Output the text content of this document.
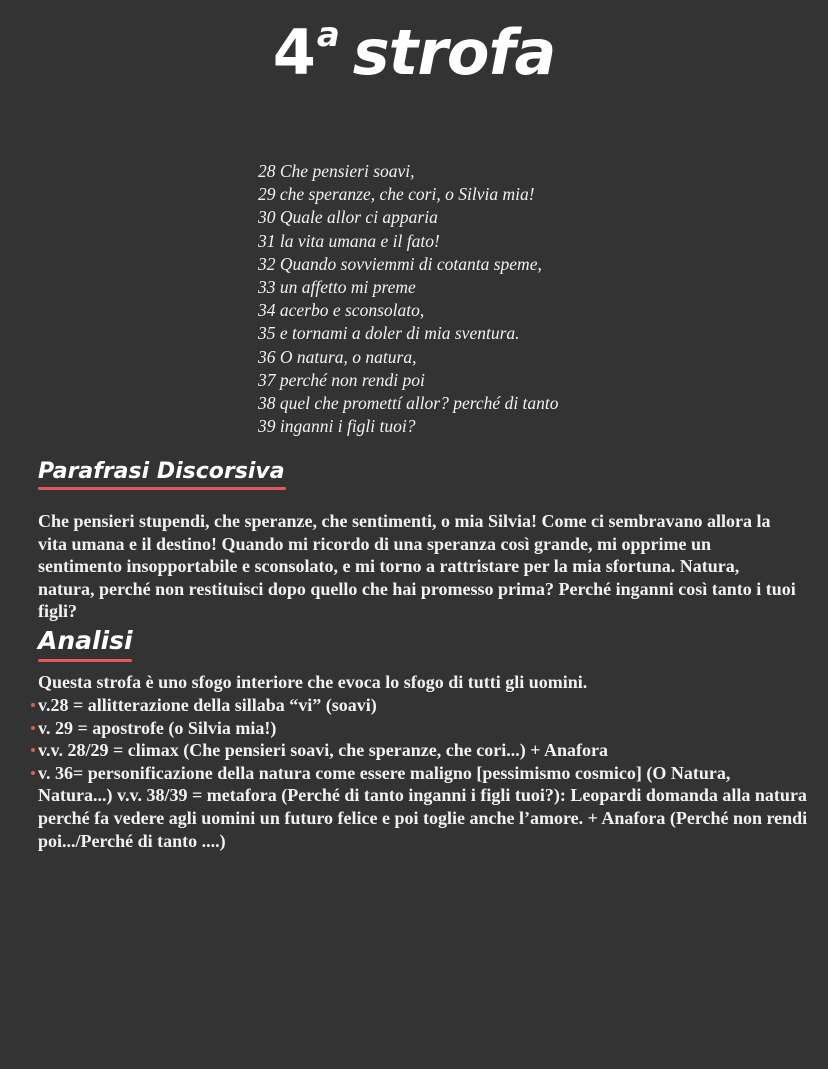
4$^a$ strofa
28 Che pensieri soavi,
29 che speranze, che cori, o Silvia mia!
30 Quale allor ci apparia
31 la vita umana e il fato!
32 Quando sovviemmi di cotanta speme,
33 un affetto mi preme
34 acerbo e sconsolato,
35 e tornami a doler di mia sventura.
36 O natura, o natura,
37 perché non rendi poi
38 quel che promettí allor? perché di tanto
39 inganni i figli tuoi?
Parafrasi Discorsiva

Che pensieri stupendi, che speranze, che sentimenti, o mia Silvia! Come ci sembravano allora la vita umana e il destino! Quando mi ricordo di una speranza così grande, mi opprime un sentimento insopportabile e sconsolato, e mi torno a rattristare per la mia sfortuna. Natura, natura, perché non restituisci dopo quello che hai promesso prima? Perché inganni così tanto i tuoi figli?

Analisi

Questa strofa è uno sfogo interiore che evoca lo sfogo di tutti gli uomini.

v.28 = allitterazione della sillaba “vi” (soavi)
v. 29 = apostrofe (o Silvia mia!)
v.v. 28/29 = climax (Che pensieri soavi, che speranze, che cori...) + Anafora
v. 36= personificazione della natura come essere maligno [pessimismo cosmico] (O Natura, Natura...) v.v. 38/39 = metafora (Perché di tanto inganni i figli tuoi?): Leopardi domanda alla natura perché fa vedere agli uomini un futuro felice e poi toglie anche l’amore. + Anafora (Perché non rendi poi.../Perché di tanto ....)
